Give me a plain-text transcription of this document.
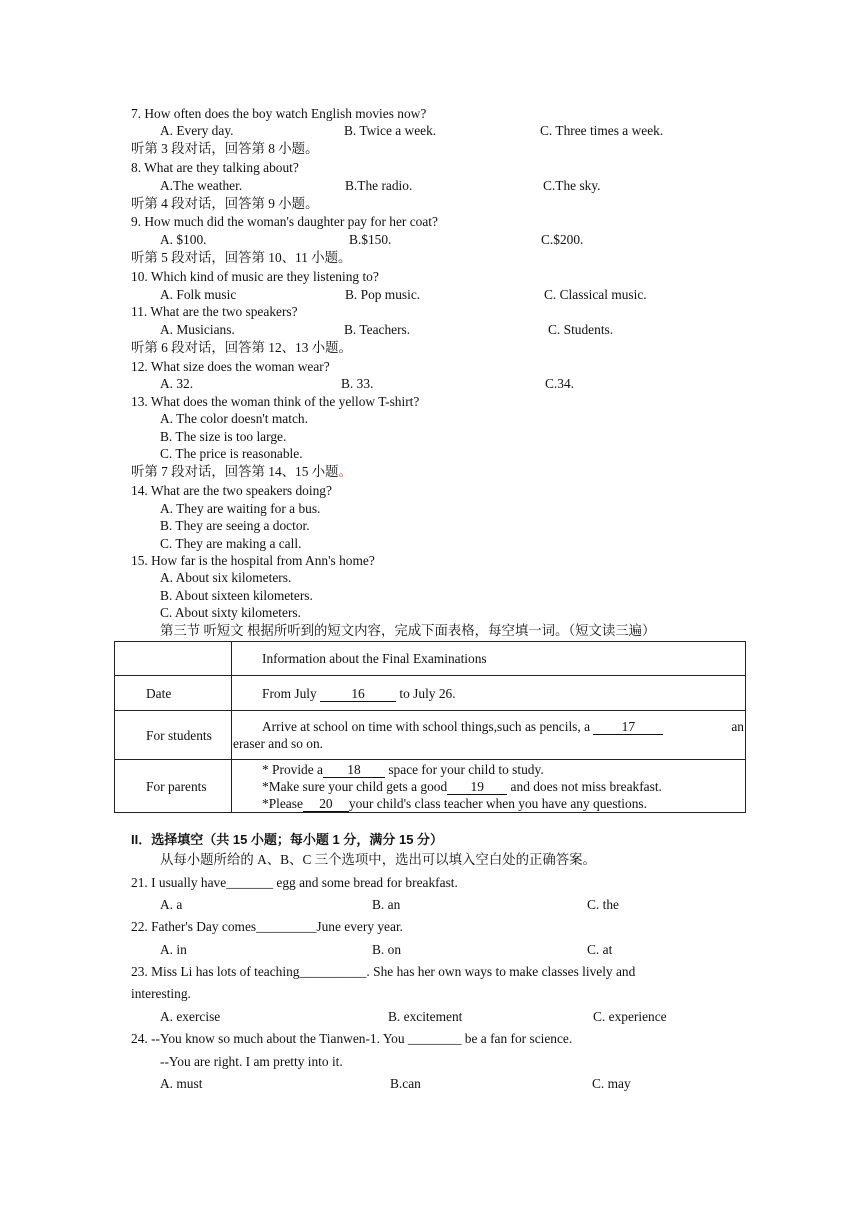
7. How often does the boy watch English movies now?
A. Every day.	B. Twice a week.	C. Three times a week.
听第 3 段对话，回答第 8 小题。
8. What are they talking about?
A.The weather.	B.The radio.	C.The sky.
听第 4 段对话，回答第 9 小题。
9. How much did the woman's daughter pay for her coat?
A. $100.	B.$150.	C.$200.
听第 5 段对话，回答第 10、11 小题。
10. Which kind of music are they listening to?
A. Folk music	B. Pop music.	C. Classical music.
11. What are the two speakers?
A. Musicians.	B. Teachers.	C. Students.
听第 6 段对话，回答第 12、13 小题。
12. What size does the woman wear?
A. 32.	B. 33.	C.34.
13. What does the woman think of the yellow T-shirt?
A. The color doesn't match.
B. The size is too large.
C. The price is reasonable.
听第 7 段对话，回答第 14、15 小题。
14. What are the two speakers doing?
A. They are waiting for a bus.
B. They are seeing a doctor.
C. They are making a call.
15. How far is the hospital from Ann's home?
A. About six kilometers.
B. About sixteen kilometers.
C. About sixty kilometers.
第三节 听短文 根据所听到的短文内容，完成下面表格，每空填一词。（短文读三遍）
	Information about the Final Examinations
Date	From July 16 to July 26.
For students	Arrive at school on time with school things,such as pencils, a 17 an
eraser and so on.

For parents	* Provide a 18 space for your child to study.
*Make sure your child gets a good 19 and does not miss breakfast.
*Please 20 your child's class teacher when you have any questions.
II．选择填空（共 15 小题；每小题 1 分，满分 15 分）
从每小题所给的 A、B、C 三个选项中，选出可以填入空白处的正确答案。
21. I usually have_______ egg and some bread for breakfast.
A. a	B. an	C. the
22. Father's Day comes_________June every year.
A. in	B. on	C. at
23. Miss Li has lots of teaching__________. She has her own ways to make classes lively and
interesting.
A. exercise	B. excitement	C. experience
24. --You know so much about the Tianwen-1. You ________ be a fan for science.
--You are right. I am pretty into it.
A. must	B.can	C. may
